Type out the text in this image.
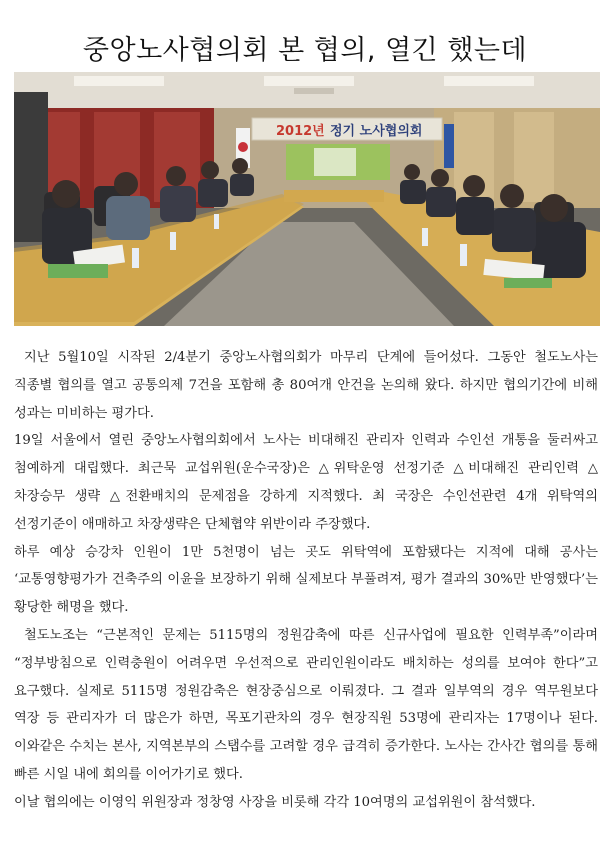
중앙노사협의회 본 협의, 열긴 했는데
2012년 정기 노사협의회

지난 5월10일 시작된 2/4분기 중앙노사협의회가 마무리 단계에 들어섰다. 그동안 철도노사는 직종별 협의를 열고 공통의제 7건을 포함해 총 80여개 안건을 논의해 왔다. 하지만 협의기간에 비해 성과는 미비하는 평가다.

19일 서울에서 열린 중앙노사협의회에서 노사는 비대해진 관리자 인력과 수인선 개통을 둘러싸고 첨예하게 대립했다. 최근묵 교섭위원(운수국장)은 △위탁운영 선정기준 △비대해진 관리인력 △차장승무 생략 △전환배치의 문제점을 강하게 지적했다. 최 국장은 수인선관련 4개 위탁역의 선정기준이 애매하고 차장생략은 단체협약 위반이라 주장했다.

하루 예상 승강차 인원이 1만 5천명이 넘는 곳도 위탁역에 포함됐다는 지적에 대해 공사는 ‘교통영향평가가 건축주의 이윤을 보장하기 위해 실제보다 부풀려져, 평가 결과의 30%만 반영했다’는 황당한 해명을 했다.

철도노조는 “근본적인 문제는 5115명의 정원감축에 따른 신규사업에 필요한 인력부족”이라며 “정부방침으로 인력충원이 어려우면 우선적으로 관리인원이라도 배치하는 성의를 보여야 한다”고 요구했다. 실제로 5115명 정원감축은 현장중심으로 이뤄졌다. 그 결과 일부역의 경우 역무원보다 역장 등 관리자가 더 많은가 하면, 목포기관차의 경우 현장직원 53명에 관리자는 17명이나 된다. 이와같은 수치는 본사, 지역본부의 스탭수를 고려할 경우 급격히 증가한다. 노사는 간사간 협의를 통해 빠른 시일 내에 회의를 이어가기로 했다.

이날 협의에는 이영익 위원장과 정창영 사장을 비롯해 각각 10여명의 교섭위원이 참석했다.
